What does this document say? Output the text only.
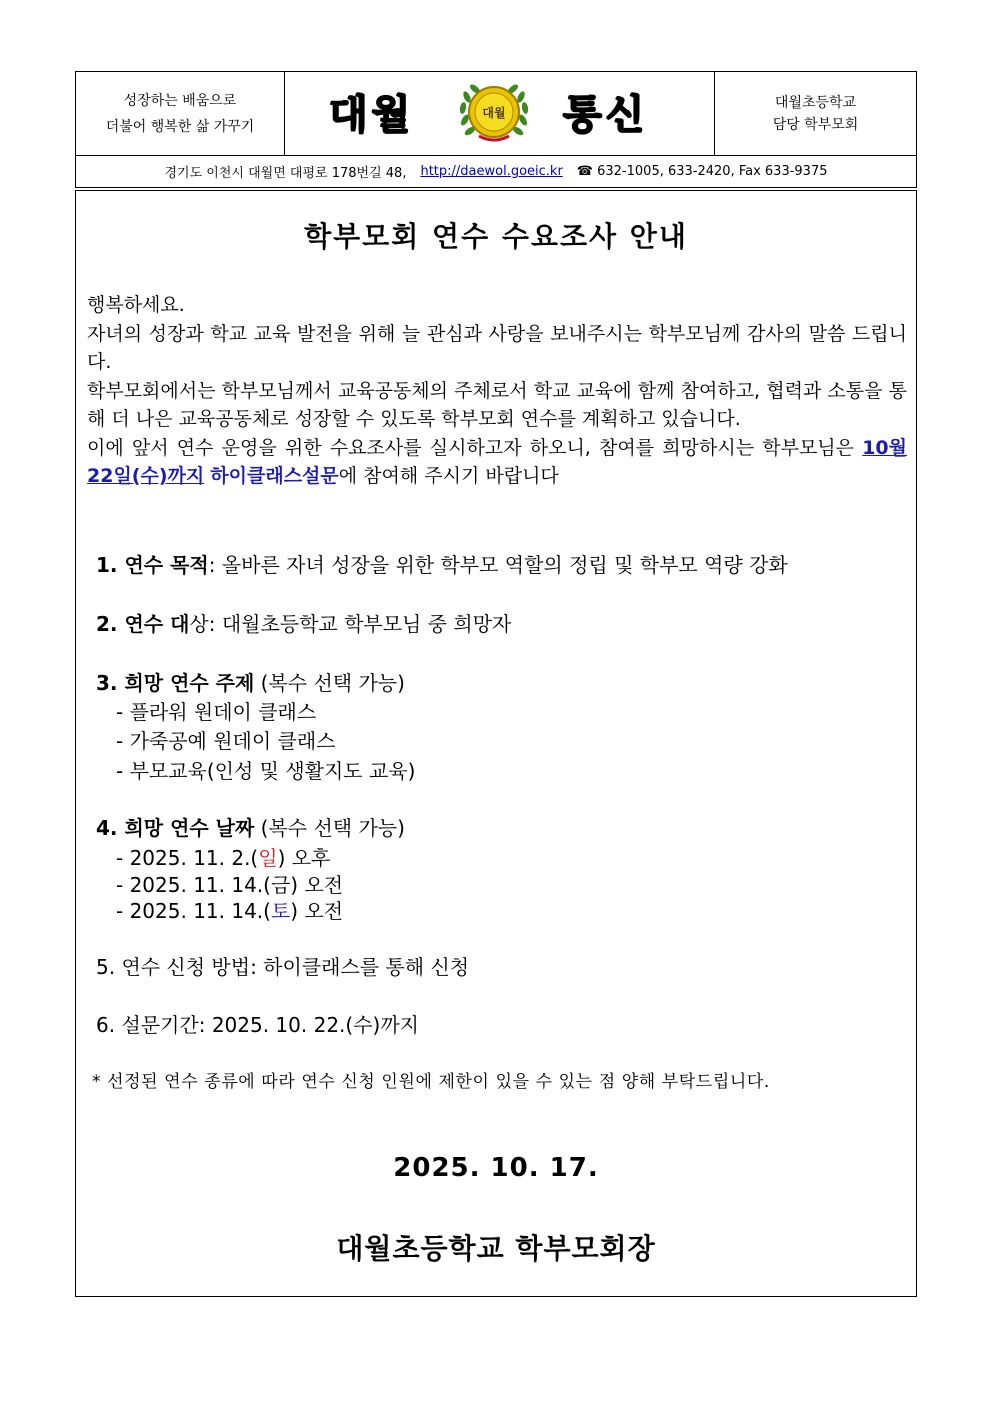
성장하는 배움으로
더불어 행복한 삶 가꾸기 대월	대월 통신	대월초등학교
담당 학부모회
경기도 이천시 대월면 대평로 178번길 48, http://daewol.goeic.kr ☎ 632-1005, 633-2420, Fax 633-9375
학부모회 연수 수요조사 안내

행복하세요.

자녀의 성장과 학교 교육 발전을 위해 늘 관심과 사랑을 보내주시는 학부모님께 감사의 말씀 드립니다.

학부모회에서는 학부모님께서 교육공동체의 주체로서 학교 교육에 함께 참여하고, 협력과 소통을 통해 더 나은 교육공동체로 성장할 수 있도록 학부모회 연수를 계획하고 있습니다.

이에 앞서 연수 운영을 위한 수요조사를 실시하고자 하오니, 참여를 희망하시는 학부모님은 10월 22일(수)까지 하이클래스설문에 참여해 주시기 바랍니다

1. 연수 목적: 올바른 자녀 성장을 위한 학부모 역할의 정립 및 학부모 역량 강화
2. 연수 대상: 대월초등학교 학부모님 중 희망자
3. 희망 연수 주제 (복수 선택 가능)
- 플라워 원데이 클래스
- 가죽공예 원데이 클래스
- 부모교육(인성 및 생활지도 교육)
4. 희망 연수 날짜 (복수 선택 가능)
- 2025. 11. 2.(일) 오후
- 2025. 11. 14.(금) 오전
- 2025. 11. 14.(토) 오전
5. 연수 신청 방법: 하이클래스를 통해 신청
6. 설문기간: 2025. 10. 22.(수)까지
* 선정된 연수 종류에 따라 연수 신청 인원에 제한이 있을 수 있는 점 양해 부탁드립니다.
2025. 10. 17.
대월초등학교 학부모회장
